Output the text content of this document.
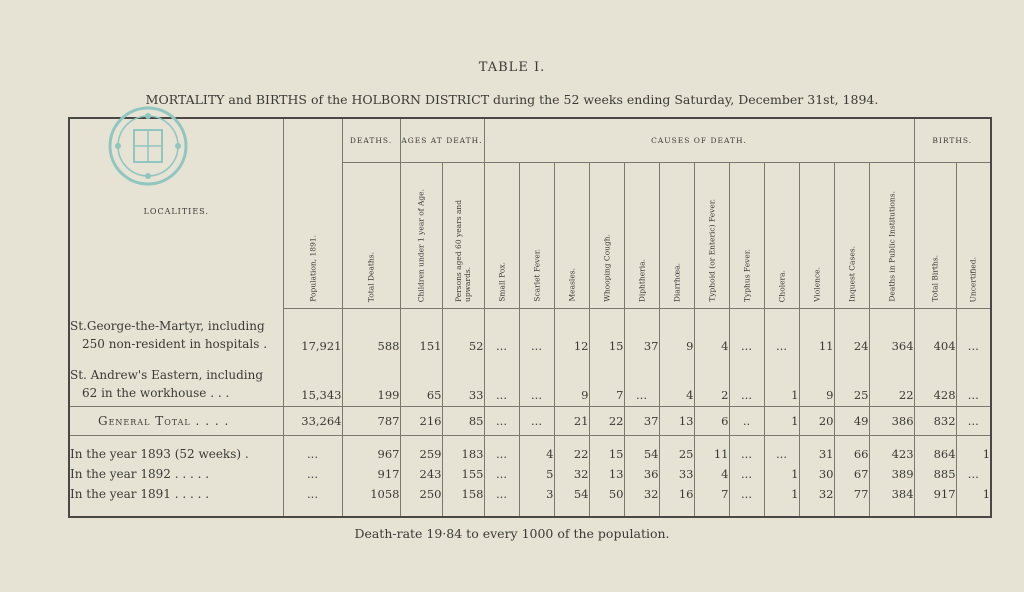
TABLE I.
MORTALITY and BIRTHS of the HOLBORN DISTRICT during the 52 weeks ending Saturday, December 31st, 1894.
LOCALITIES.	Population, 1891.	DEATHS.	AGES AT DEATH.		CAUSES OF DEATH.												BIRTHS.	

		Total Deaths.	Children under 1 year of Age.	Persons aged 60 years and upwards.	Small Pox.	Scarlet Fever.	Measles.	Whooping Cough.	Diphtheria.	Diarrhœa.	Typhoid (or Enteric) Fever.	Typhus Fever.	Cholera.	Violence.	Inquest Cases.	Deaths in Public Institutions.	Total Births.	Uncertified.

St.George-the-Martyr, including
250 non-resident in hospitals .	17,921	588	151	52	...	...	12	15	37	9	4	...	...	11	24	364	404	...

St. Andrew's Eastern, including
62 in the workhouse . . .	15,343	199	65	33	...	...	9	7	...	4	2	...	1	9	25	22	428	...

General Total . . . .	33,264	787	216	85	...	...	21	22	37	13	6	..	1	20	49	386	832	...

In the year 1893 (52 weeks) .	...	967	259	183	...	4	22	15	54	25	11	...	...	31	66	423	864	1

In the year 1892 . . . . .	...	917	243	155	...	5	32	13	36	33	4	...	1	30	67	389	885	...

In the year 1891 . . . . .	...	1058	250	158	...	3	54	50	32	16	7	...	1	32	77	384	917	1
Death-rate 19·84 to every 1000 of the population.
